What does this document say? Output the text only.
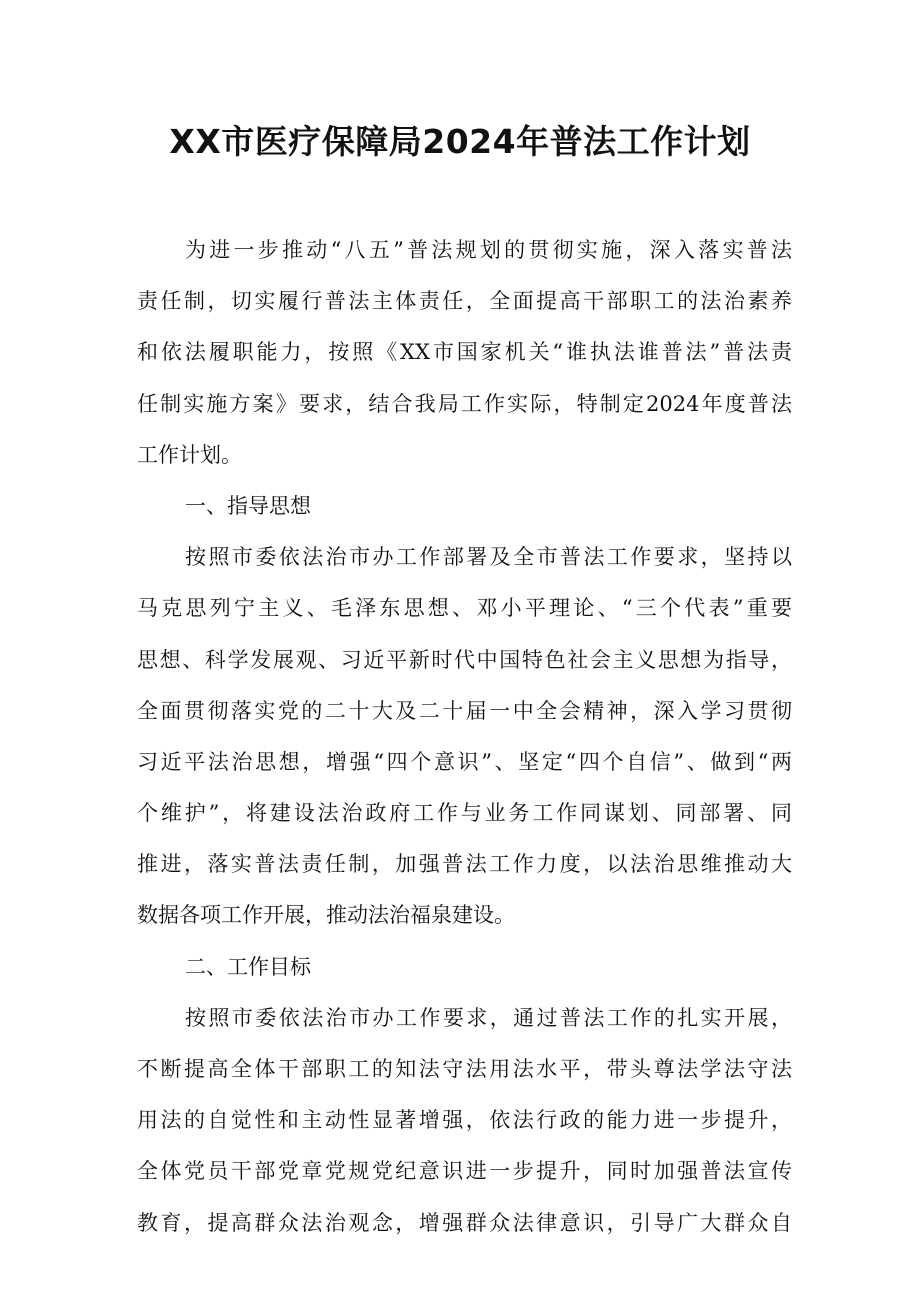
XX市医疗保障局2024年普法工作计划
为进一步推动“八五”普法规划的贯彻实施，深入落实普法
责任制，切实履行普法主体责任，全面提高干部职工的法治素养
和依法履职能力，按照《XX市国家机关“谁执法谁普法”普法责
任制实施方案》要求，结合我局工作实际，特制定2024年度普法
工作计划。
一、指导思想
按照市委依法治市办工作部署及全市普法工作要求，坚持以
马克思列宁主义、毛泽东思想、邓小平理论、“三个代表”重要
思想、科学发展观、习近平新时代中国特色社会主义思想为指导，
全面贯彻落实党的二十大及二十届一中全会精神，深入学习贯彻
习近平法治思想，增强“四个意识”、坚定“四个自信”、做到“两
个维护”，将建设法治政府工作与业务工作同谋划、同部署、同
推进，落实普法责任制，加强普法工作力度，以法治思维推动大
数据各项工作开展，推动法治福泉建设。
二、工作目标
按照市委依法治市办工作要求，通过普法工作的扎实开展，
不断提高全体干部职工的知法守法用法水平，带头尊法学法守法
用法的自觉性和主动性显著增强，依法行政的能力进一步提升，
全体党员干部党章党规党纪意识进一步提升，同时加强普法宣传
教育，提高群众法治观念，增强群众法律意识，引导广大群众自
